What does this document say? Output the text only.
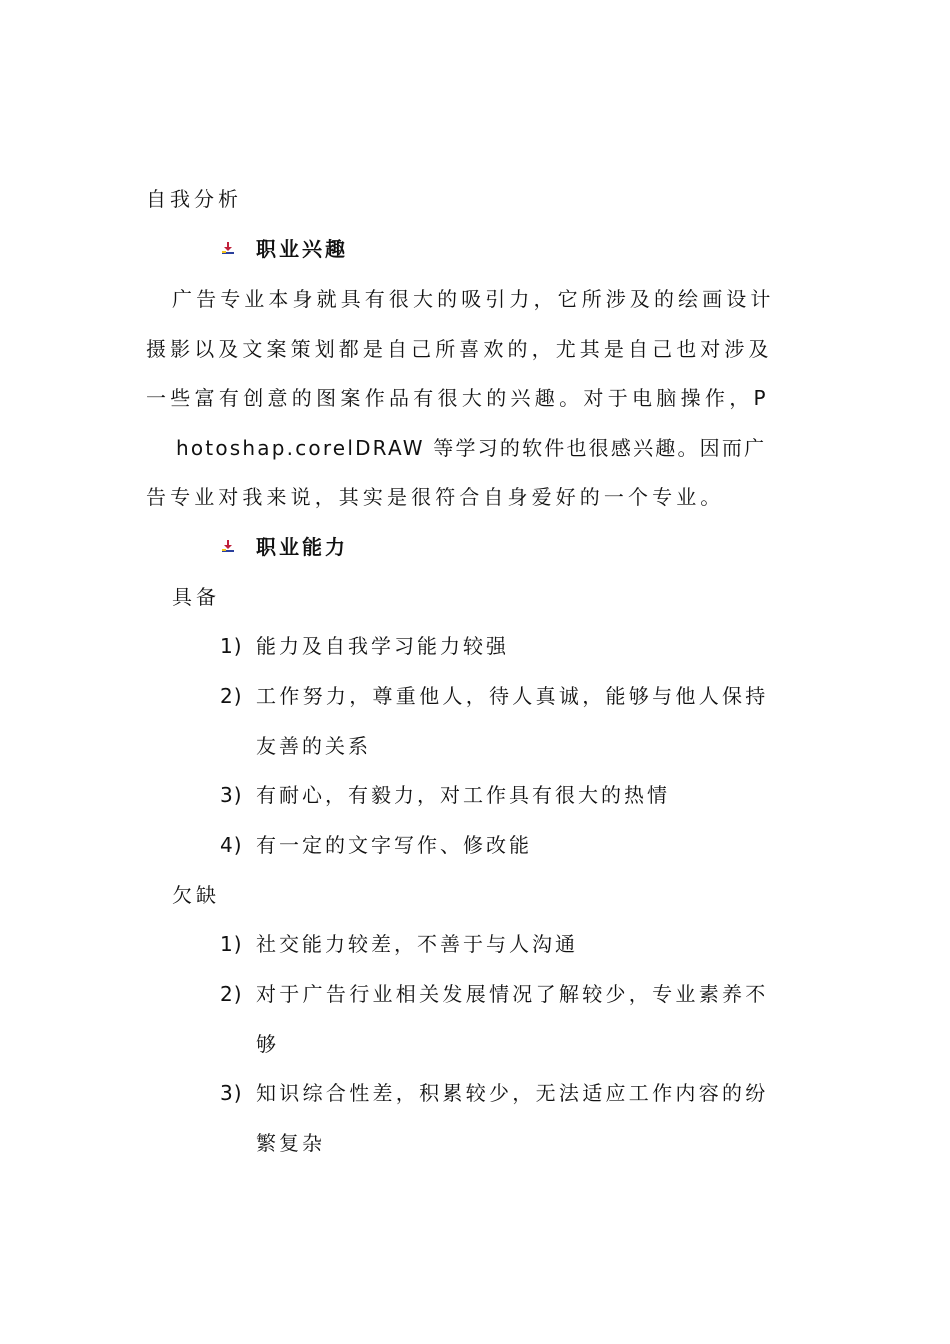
自我分析
职业兴趣
广告专业本身就具有很大的吸引力，它所涉及的绘画设计
摄影以及文案策划都是自己所喜欢的，尤其是自己也对涉及
一些富有创意的图案作品有很大的兴趣。对于电脑操作，P
hotoshap.corelDRAW 等学习的软件也很感兴趣。因而广
告专业对我来说，其实是很符合自身爱好的一个专业。
职业能力
具备
1) 能力及自我学习能力较强
2) 工作努力，尊重他人，待人真诚，能够与他人保持
友善的关系
3) 有耐心，有毅力，对工作具有很大的热情
4) 有一定的文字写作、修改能
欠缺
1) 社交能力较差，不善于与人沟通
2) 对于广告行业相关发展情况了解较少，专业素养不
够
3) 知识综合性差，积累较少，无法适应工作内容的纷
繁复杂
